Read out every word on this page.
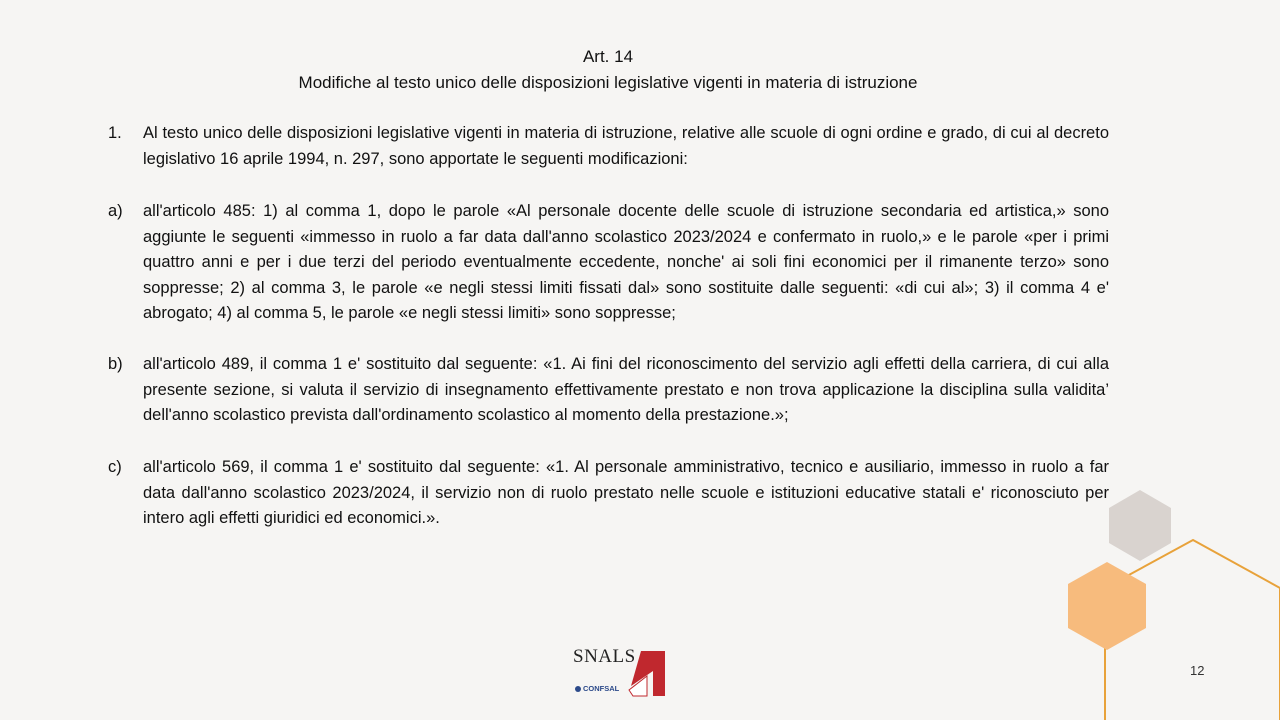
Art. 14
Modifiche al testo unico delle disposizioni legislative vigenti in materia di istruzione
1. Al testo unico delle disposizioni legislative vigenti in materia di istruzione, relative alle scuole di ogni ordine e grado, di cui al decreto legislativo 16 aprile 1994, n. 297, sono apportate le seguenti modificazioni:
a) all'articolo 485: 1) al comma 1, dopo le parole «Al personale docente delle scuole di istruzione secondaria ed artistica,» sono aggiunte le seguenti «immesso in ruolo a far data dall'anno scolastico 2023/2024 e confermato in ruolo,» e le parole «per i primi quattro anni e per i due terzi del periodo eventualmente eccedente, nonche' ai soli fini economici per il rimanente terzo» sono soppresse; 2) al comma 3, le parole «e negli stessi limiti fissati dal» sono sostituite dalle seguenti: «di cui al»; 3) il comma 4 e' abrogato; 4) al comma 5, le parole «e negli stessi limiti» sono soppresse;
b) all'articolo 489, il comma 1 e' sostituito dal seguente: «1. Ai fini del riconoscimento del servizio agli effetti della carriera, di cui alla presente sezione, si valuta il servizio di insegnamento effettivamente prestato e non trova applicazione la disciplina sulla validita’ dell'anno scolastico prevista dall'ordinamento scolastico al momento della prestazione.»;
c) all'articolo 569, il comma 1 e' sostituito dal seguente: «1. Al personale amministrativo, tecnico e ausiliario, immesso in ruolo a far data dall'anno scolastico 2023/2024, il servizio non di ruolo prestato nelle scuole e istituzioni educative statali e' riconosciuto per intero agli effetti giuridici ed economici.».
SNALS
CONFSAL
12
